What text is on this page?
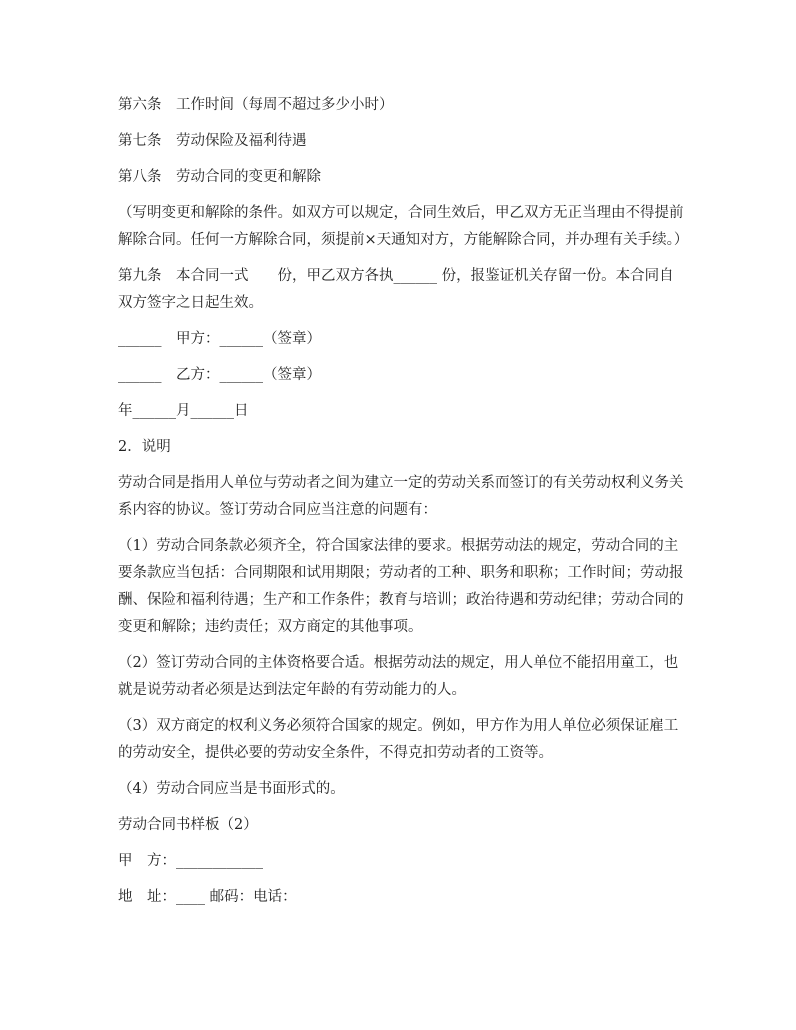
第六条　工作时间（每周不超过多少小时）

第七条　劳动保险及福利待遇

第八条　劳动合同的变更和解除

（写明变更和解除的条件。如双方可以规定，合同生效后，甲乙双方无正当理由不得提前解除合同。任何一方解除合同，须提前×天通知对方，方能解除合同，并办理有关手续。）

第九条　本合同一式　　份，甲乙双方各执______ 份，报鉴证机关存留一份。本合同自双方签字之日起生效。

______　甲方：______（签章）

______　乙方：______（签章）

年______月______日

2．说明

劳动合同是指用人单位与劳动者之间为建立一定的劳动关系而签订的有关劳动权利义务关系内容的协议。签订劳动合同应当注意的问题有：

（1）劳动合同条款必须齐全，符合国家法律的要求。根据劳动法的规定，劳动合同的主要条款应当包括：合同期限和试用期限；劳动者的工种、职务和职称；工作时间；劳动报酬、保险和福利待遇；生产和工作条件；教育与培训；政治待遇和劳动纪律；劳动合同的变更和解除；违约责任；双方商定的其他事项。

（2）签订劳动合同的主体资格要合适。根据劳动法的规定，用人单位不能招用童工，也就是说劳动者必须是达到法定年龄的有劳动能力的人。

（3）双方商定的权利义务必须符合国家的规定。例如，甲方作为用人单位必须保证雇工的劳动安全，提供必要的劳动安全条件，不得克扣劳动者的工资等。

（4）劳动合同应当是书面形式的。

劳动合同书样板（2）

甲　方：____________

地　址：____ 邮码：电话：
